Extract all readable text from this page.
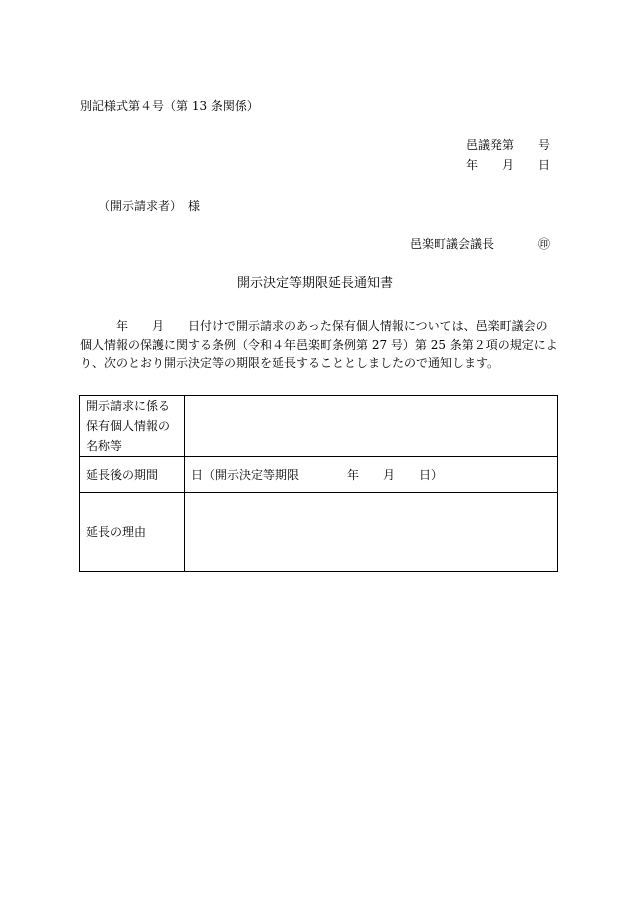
別記様式第４号（第 13 条関係）
邑議発第　　号
年　　月　　日
（開示請求者）　様
邑楽町議会議長	㊞
開示決定等期限延長通知書

　　　年　　月　　日付けで開示請求のあった保有個人情報については、邑楽町議会の

個人情報の保護に関する条例（令和４年邑楽町条例第 27 号）第 25 条第２項の規定によ

り、次のとおり開示決定等の期限を延長することとしましたので通知します。

開示請求に係る保有個人情報の名称等	
延長後の期間	日（開示決定等期限　　　　年　　月　　日）
延長の理由	
